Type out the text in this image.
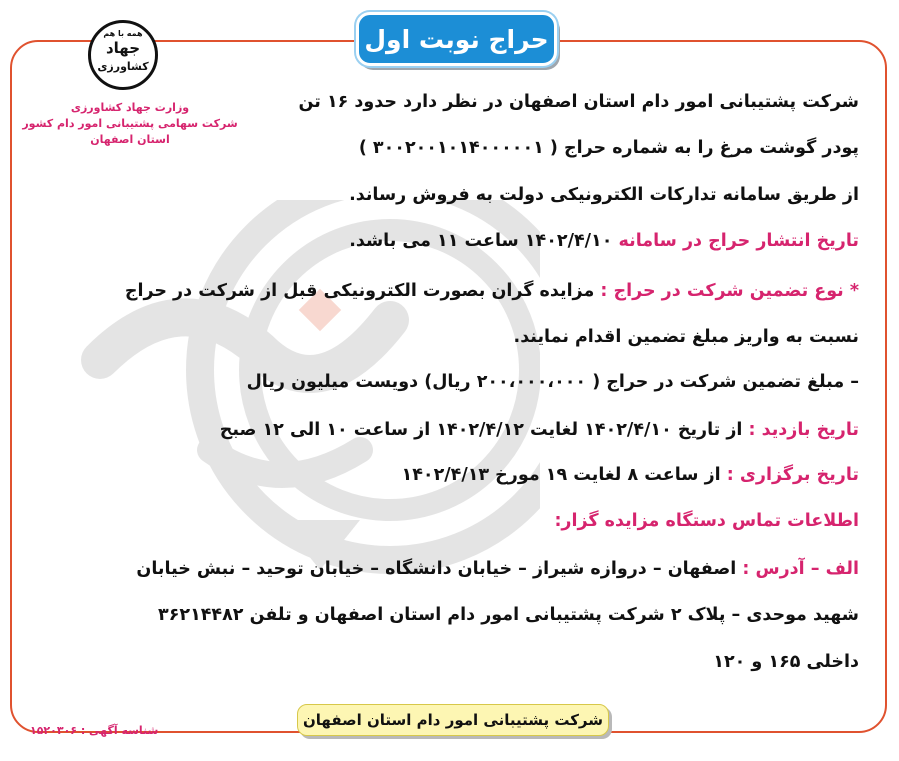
حراج نوبت اول
همه با هم
جهاد
کشاورزی
وزارت جهاد کشاورزی
شرکت سهامی پشتیبانی امور دام کشور
استان اصفهان
شرکت پشتیبانی امور دام استان اصفهان در نظر دارد حدود ۱۶ تن
پودر گوشت مرغ را به شماره حراج ( ۳۰۰۲۰۰۱۰۱۴۰۰۰۰۰۱ )
از طریق سامانه تدارکات الکترونیکی دولت به فروش رساند.
تاریخ انتشار حراج در سامانه ۱۴۰۲/۴/۱۰ ساعت ۱۱ می باشد.
* نوع تضمین شرکت در حراج : مزایده گران بصورت الکترونیکی قبل از شرکت در حراج
نسبت به واریز مبلغ تضمین اقدام نمایند.
– مبلغ تضمین شرکت در حراج ( ۲۰۰،۰۰۰،۰۰۰ ریال) دویست میلیون ریال
تاریخ بازدید : از تاریخ ۱۴۰۲/۴/۱۰ لغایت ۱۴۰۲/۴/۱۲ از ساعت ۱۰ الی ۱۲ صبح
تاریخ برگزاری : از ساعت ۸ لغایت ۱۹ مورخ ۱۴۰۲/۴/۱۳
اطلاعات تماس دستگاه مزایده گزار:
الف – آدرس : اصفهان – دروازه شیراز – خیابان دانشگاه – خیابان توحید – نبش خیابان
شهید موحدی – پلاک ۲ شرکت پشتیبانی امور دام استان اصفهان و تلفن ۳۶۲۱۴۴۸۲
داخلی ۱۶۵ و ۱۲۰
شرکت پشتیبانی امور دام استان اصفهان
شناسه آگهی : ۱۵۲۰۳۰۶
